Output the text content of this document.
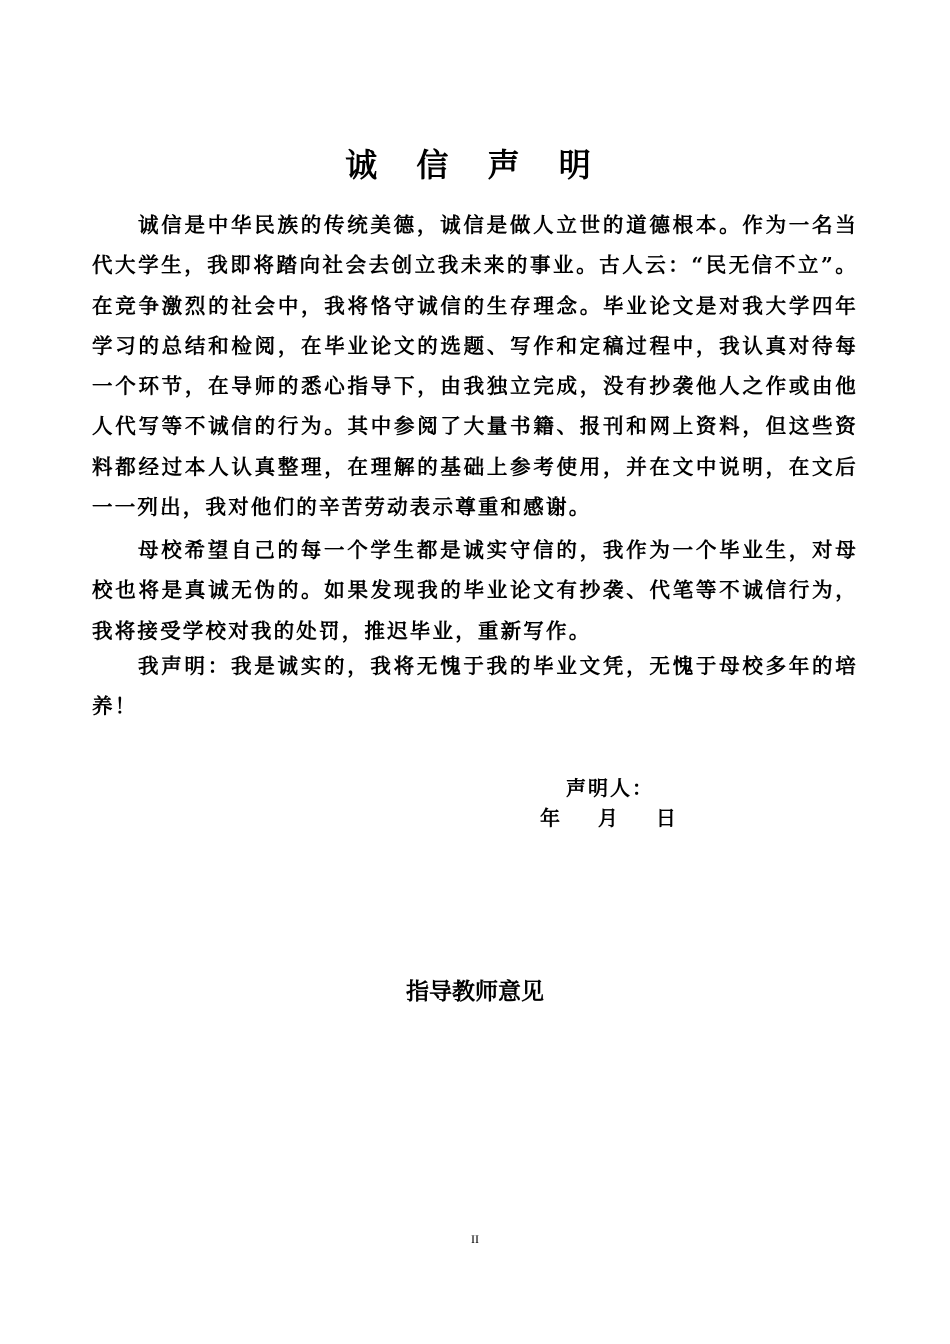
诚 信 声 明

诚信是中华民族的传统美德，诚信是做人立世的道德根本。作为一名当代大学生，我即将踏向社会去创立我未来的事业。古人云：“民无信不立”。在竞争激烈的社会中，我将恪守诚信的生存理念。毕业论文是对我大学四年学习的总结和检阅，在毕业论文的选题、写作和定稿过程中，我认真对待每一个环节，在导师的悉心指导下，由我独立完成，没有抄袭他人之作或由他人代写等不诚信的行为。其中参阅了大量书籍、报刊和网上资料，但这些资料都经过本人认真整理，在理解的基础上参考使用，并在文中说明，在文后一一列出，我对他们的辛苦劳动表示尊重和感谢。

母校希望自己的每一个学生都是诚实守信的，我作为一个毕业生，对母校也将是真诚无伪的。如果发现我的毕业论文有抄袭、代笔等不诚信行为，我将接受学校对我的处罚，推迟毕业，重新写作。

我声明：我是诚实的，我将无愧于我的毕业文凭，无愧于母校多年的培养！

声明人：
年  月  日
指导教师意见
II
